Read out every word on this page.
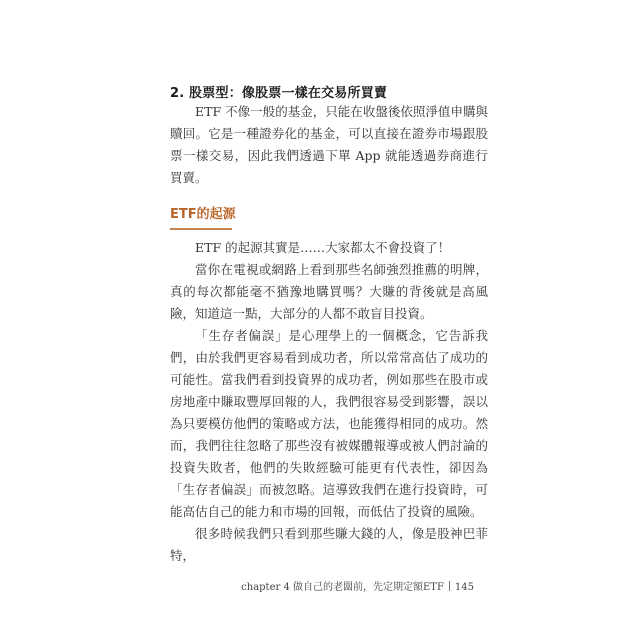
2. 股票型：像股票一樣在交易所買賣

ETF 不像一般的基金，只能在收盤後依照淨值申購與贖回。它是一種證券化的基金，可以直接在證券市場跟股票一樣交易，因此我們透過下單 App 就能透過券商進行買賣。

ETF的起源

ETF 的起源其實是……大家都太不會投資了！

當你在電視或網路上看到那些名師強烈推薦的明牌，真的每次都能毫不猶豫地購買嗎？大賺的背後就是高風險，知道這一點，大部分的人都不敢盲目投資。

「生存者偏誤」是心理學上的一個概念，它告訴我們，由於我們更容易看到成功者，所以常常高估了成功的可能性。當我們看到投資界的成功者，例如那些在股市或房地產中賺取豐厚回報的人，我們很容易受到影響，誤以為只要模仿他們的策略或方法，也能獲得相同的成功。然而，我們往往忽略了那些沒有被媒體報導或被人們討論的投資失敗者，他們的失敗經驗可能更有代表性，卻因為「生存者偏誤」而被忽略。這導致我們在進行投資時，可能高估自己的能力和市場的回報，而低估了投資的風險。

很多時候我們只看到那些賺大錢的人，像是股神巴菲特，

chapter 4 做自己的老闆前，先定期定額ETF 145
